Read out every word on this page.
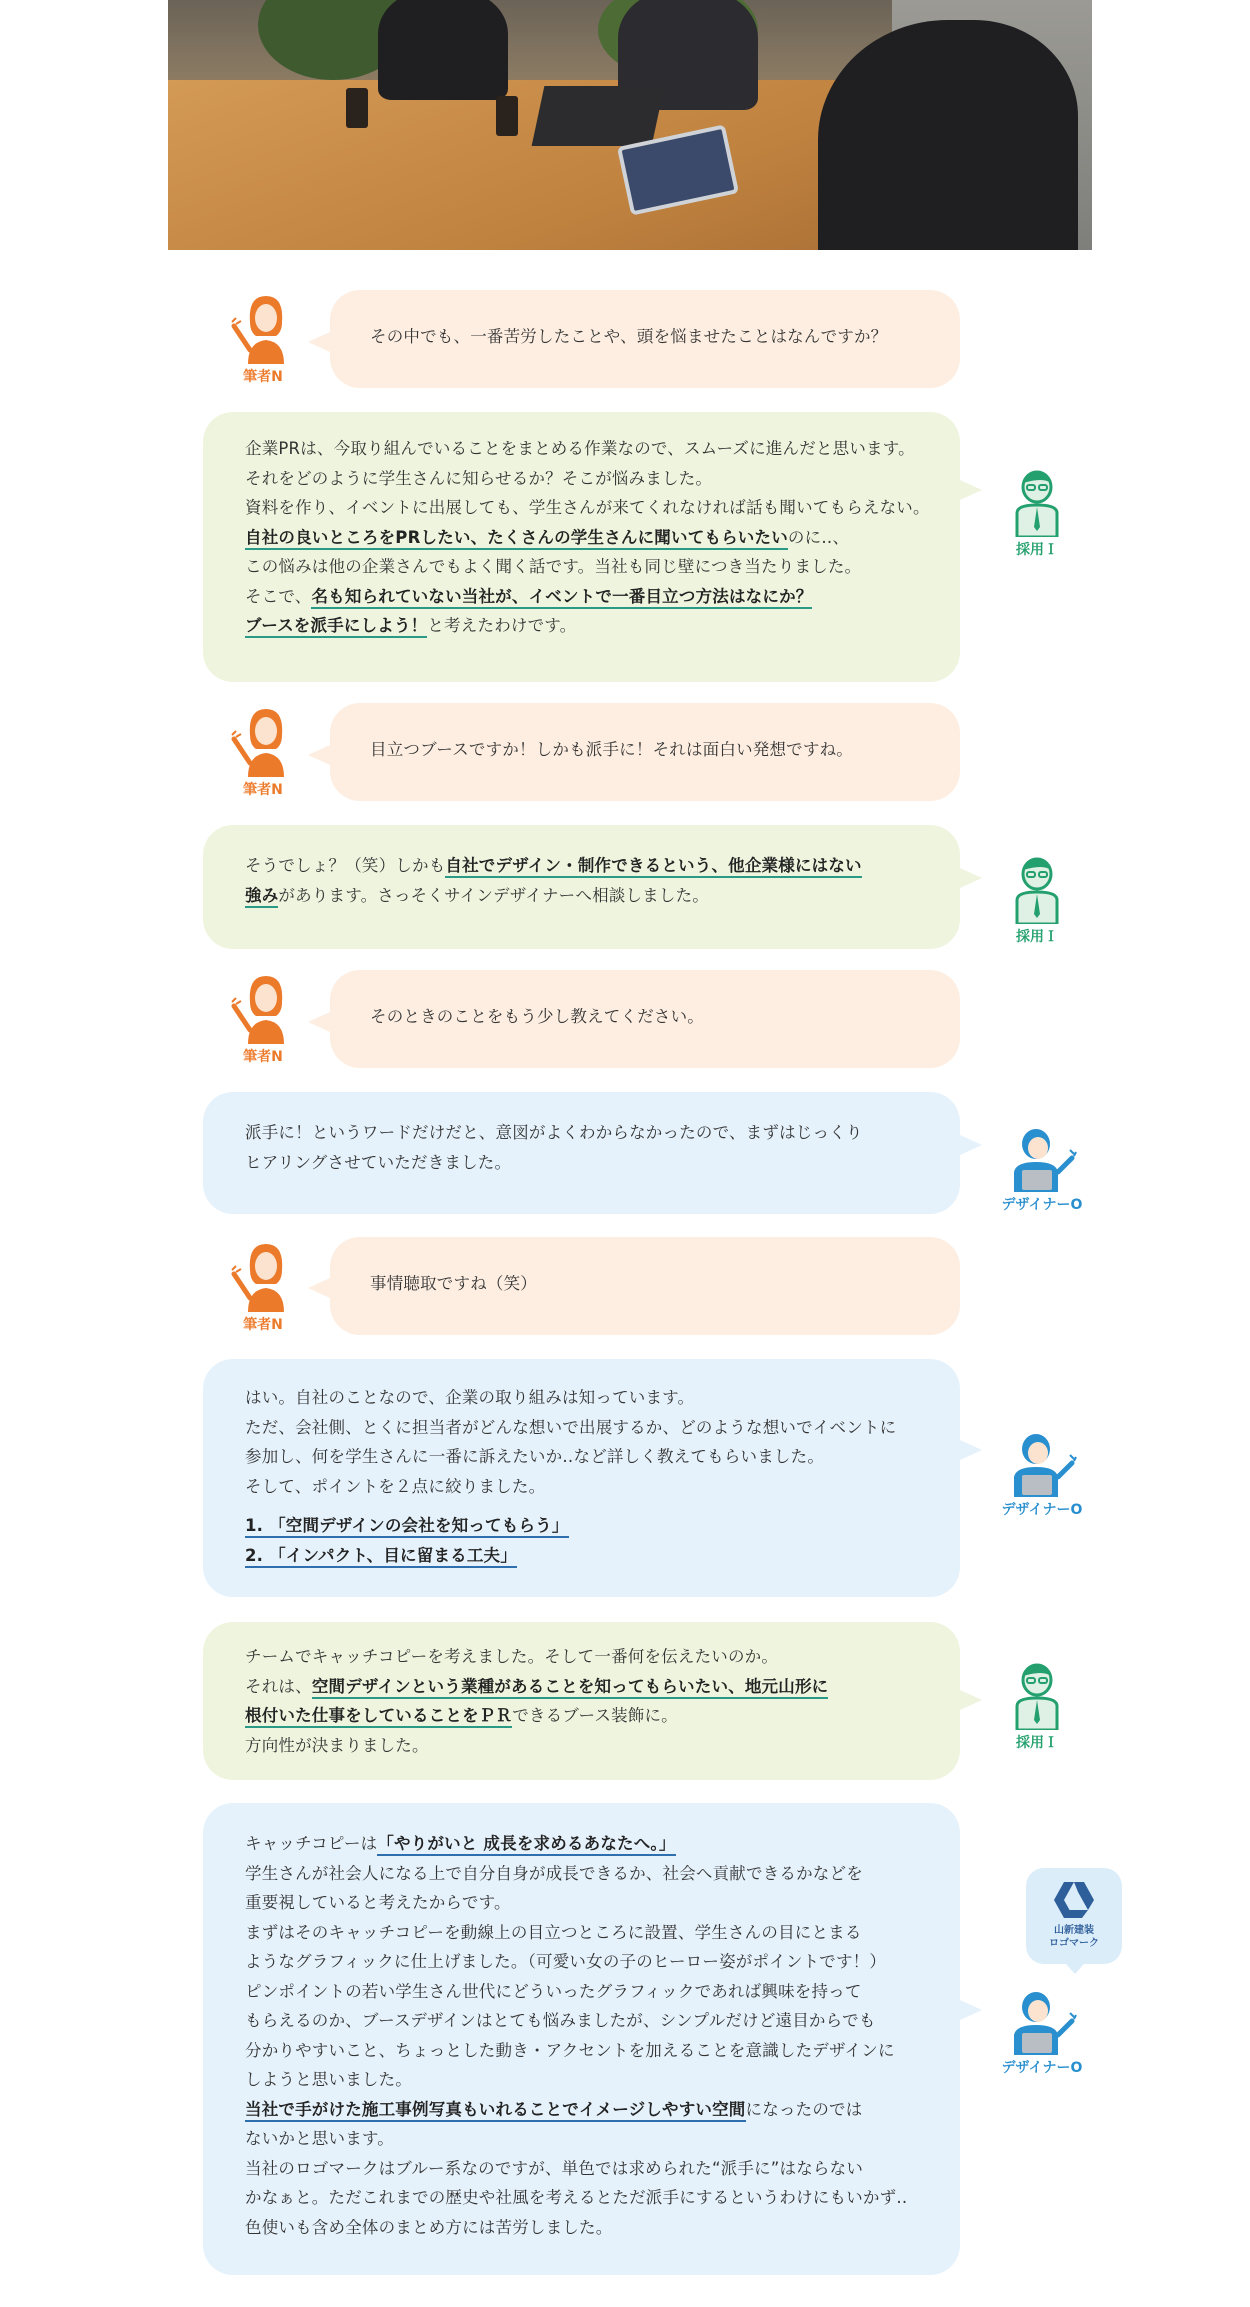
筆者N
その中でも、一番苦労したことや、頭を悩ませたことはなんですか？
企業PRは、今取り組んでいることをまとめる作業なので、スムーズに進んだと思います。
それをどのように学生さんに知らせるか？そこが悩みました。
資料を作り、イベントに出展しても、学生さんが来てくれなければ話も聞いてもらえない。
自社の良いところをPRしたい、たくさんの学生さんに聞いてもらいたいのに‥、
この悩みは他の企業さんでもよく聞く話です。当社も同じ壁につき当たりました。
そこで、名も知られていない当社が、イベントで一番目立つ方法はなにか？
ブースを派手にしよう！と考えたわけです。
採用Ｉ
筆者N
目立つブースですか！しかも派手に！それは面白い発想ですね。
そうでしょ？（笑）しかも自社でデザイン・制作できるという、他企業様にはない
強みがあります。さっそくサインデザイナーへ相談しました。
採用Ｉ
筆者N
そのときのことをもう少し教えてください。
派手に！というワードだけだと、意図がよくわからなかったので、まずはじっくり
ヒアリングさせていただきました。
デザイナーO
筆者N
事情聴取ですね（笑）
はい。自社のことなので、企業の取り組みは知っています。
ただ、会社側、とくに担当者がどんな想いで出展するか、どのような想いでイベントに
参加し、何を学生さんに一番に訴えたいか‥など詳しく教えてもらいました。
そして、ポイントを２点に絞りました。
1. 「空間デザインの会社を知ってもらう」
2. 「インパクト、目に留まる工夫」
デザイナーO
チームでキャッチコピーを考えました。そして一番何を伝えたいのか。
それは、空間デザインという業種があることを知ってもらいたい、地元山形に
根付いた仕事をしていることをＰＲできるブース装飾に。
方向性が決まりました。	採用Ｉ
キャッチコピーは「やりがいと 成長を求めるあなたへ。」
学生さんが社会人になる上で自分自身が成長できるか、社会へ貢献できるかなどを
重要視していると考えたからです。
まずはそのキャッチコピーを動線上の目立つところに設置、学生さんの目にとまる
ようなグラフィックに仕上げました。（可愛い女の子のヒーロー姿がポイントです！）
ピンポイントの若い学生さん世代にどういったグラフィックであれば興味を持って
もらえるのか、ブースデザインはとても悩みましたが、シンプルだけど遠目からでも
分かりやすいこと、ちょっとした動き・アクセントを加えることを意識したデザインに
しようと思いました。
当社で手がけた施工事例写真もいれることでイメージしやすい空間になったのでは
ないかと思います。
当社のロゴマークはブルー系なのですが、単色では求められた“派手に”はならない
かなぁと。ただこれまでの歴史や社風を考えるとただ派手にするというわけにもいかず‥
色使いも含め全体のまとめ方には苦労しました。
山新建装
ロゴマーク
デザイナーO
